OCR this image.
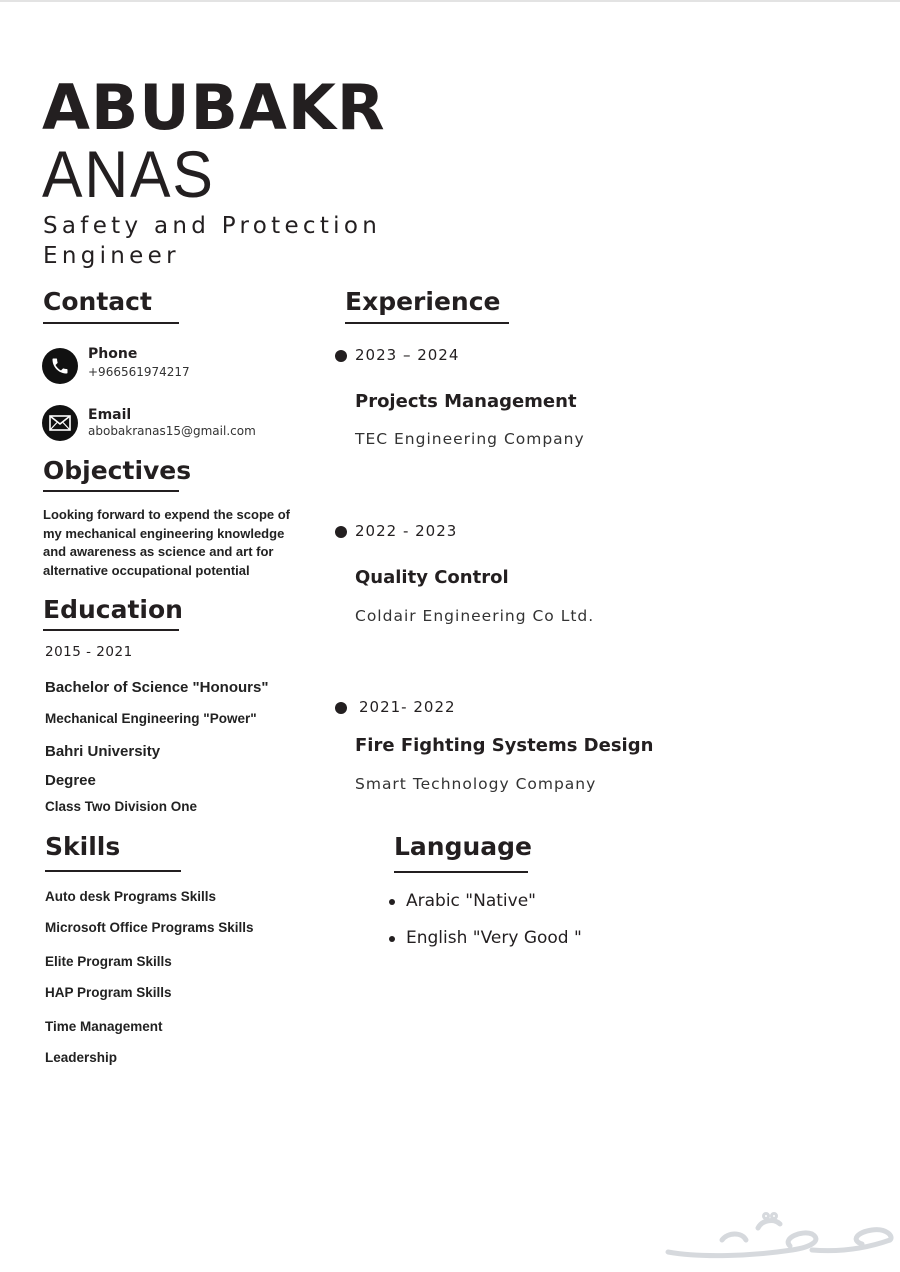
ABUBAKR
ANAS
Safety and Protection
Engineer
Contact
Phone
+966561974217
Email
abobakranas15@gmail.com
Objectives
Looking forward to expend the scope of
my mechanical engineering knowledge
and awareness as science and art for
alternative occupational potential
Education
2015 - 2021
Bachelor of Science "Honours"
Mechanical Engineering "Power"
Bahri University
Degree
Class Two Division One
Skills
Auto desk Programs Skills
Microsoft Office Programs Skills
Elite Program Skills
HAP Program Skills
Time Management
Leadership
Experience
2023 – 2024
Projects Management
TEC Engineering Company
2022 - 2023
Quality Control
Coldair Engineering Co Ltd.
2021- 2022
Fire Fighting Systems Design
Smart Technology Company
Language
Arabic "Native"
English "Very Good "
